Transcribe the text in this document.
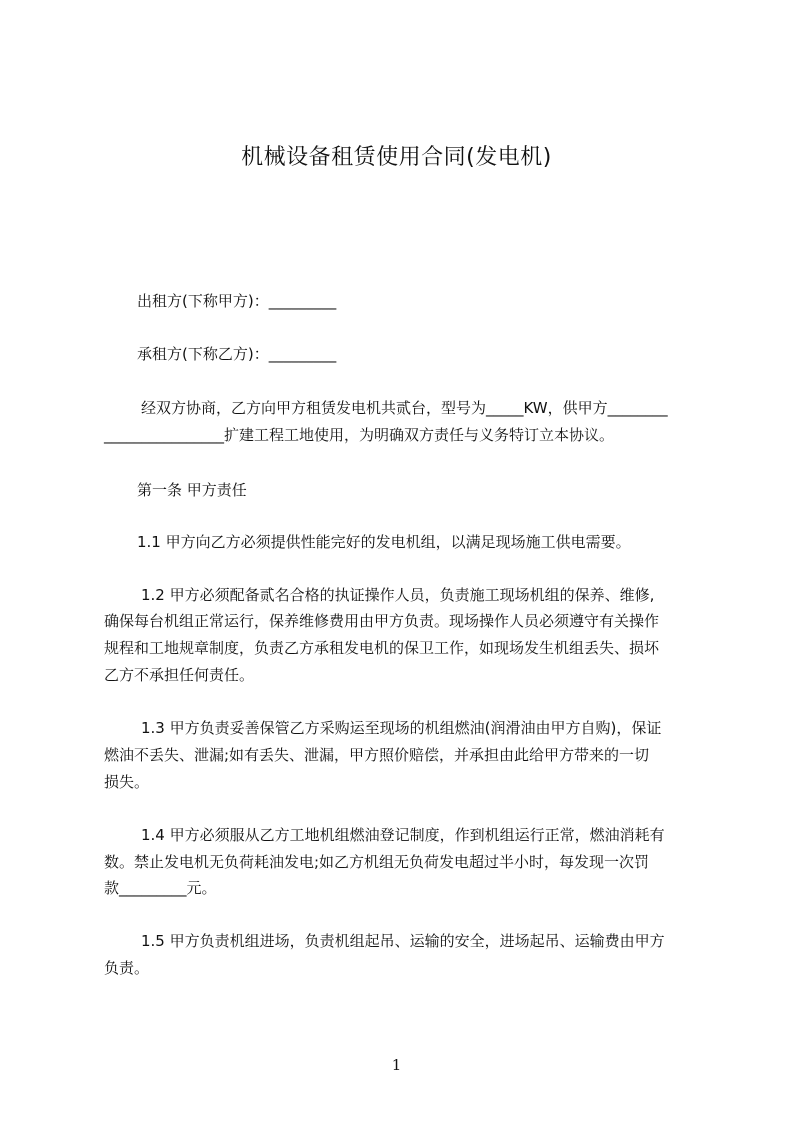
机械设备租赁使用合同(发电机)
出租方(下称甲方)：_________
承租方(下称乙方)：_________
经双方协商，乙方向甲方租赁发电机共贰台，型号为_____KW，供甲方________
________________扩建工程工地使用，为明确双方责任与义务特订立本协议。
第一条 甲方责任
1.1 甲方向乙方必须提供性能完好的发电机组，以满足现场施工供电需要。
1.2 甲方必须配备贰名合格的执证操作人员，负责施工现场机组的保养、维修,
确保每台机组正常运行，保养维修费用由甲方负责。现场操作人员必须遵守有关操作
规程和工地规章制度，负责乙方承租发电机的保卫工作，如现场发生机组丢失、损坏
乙方不承担任何责任。
1.3 甲方负责妥善保管乙方采购运至现场的机组燃油(润滑油由甲方自购)，保证
燃油不丢失、泄漏;如有丢失、泄漏，甲方照价赔偿，并承担由此给甲方带来的一切
损失。
1.4 甲方必须服从乙方工地机组燃油登记制度，作到机组运行正常，燃油消耗有
数。禁止发电机无负荷耗油发电;如乙方机组无负荷发电超过半小时，每发现一次罚
款_________元。
1.5 甲方负责机组进场，负责机组起吊、运输的安全，进场起吊、运输费由甲方
负责。
1
